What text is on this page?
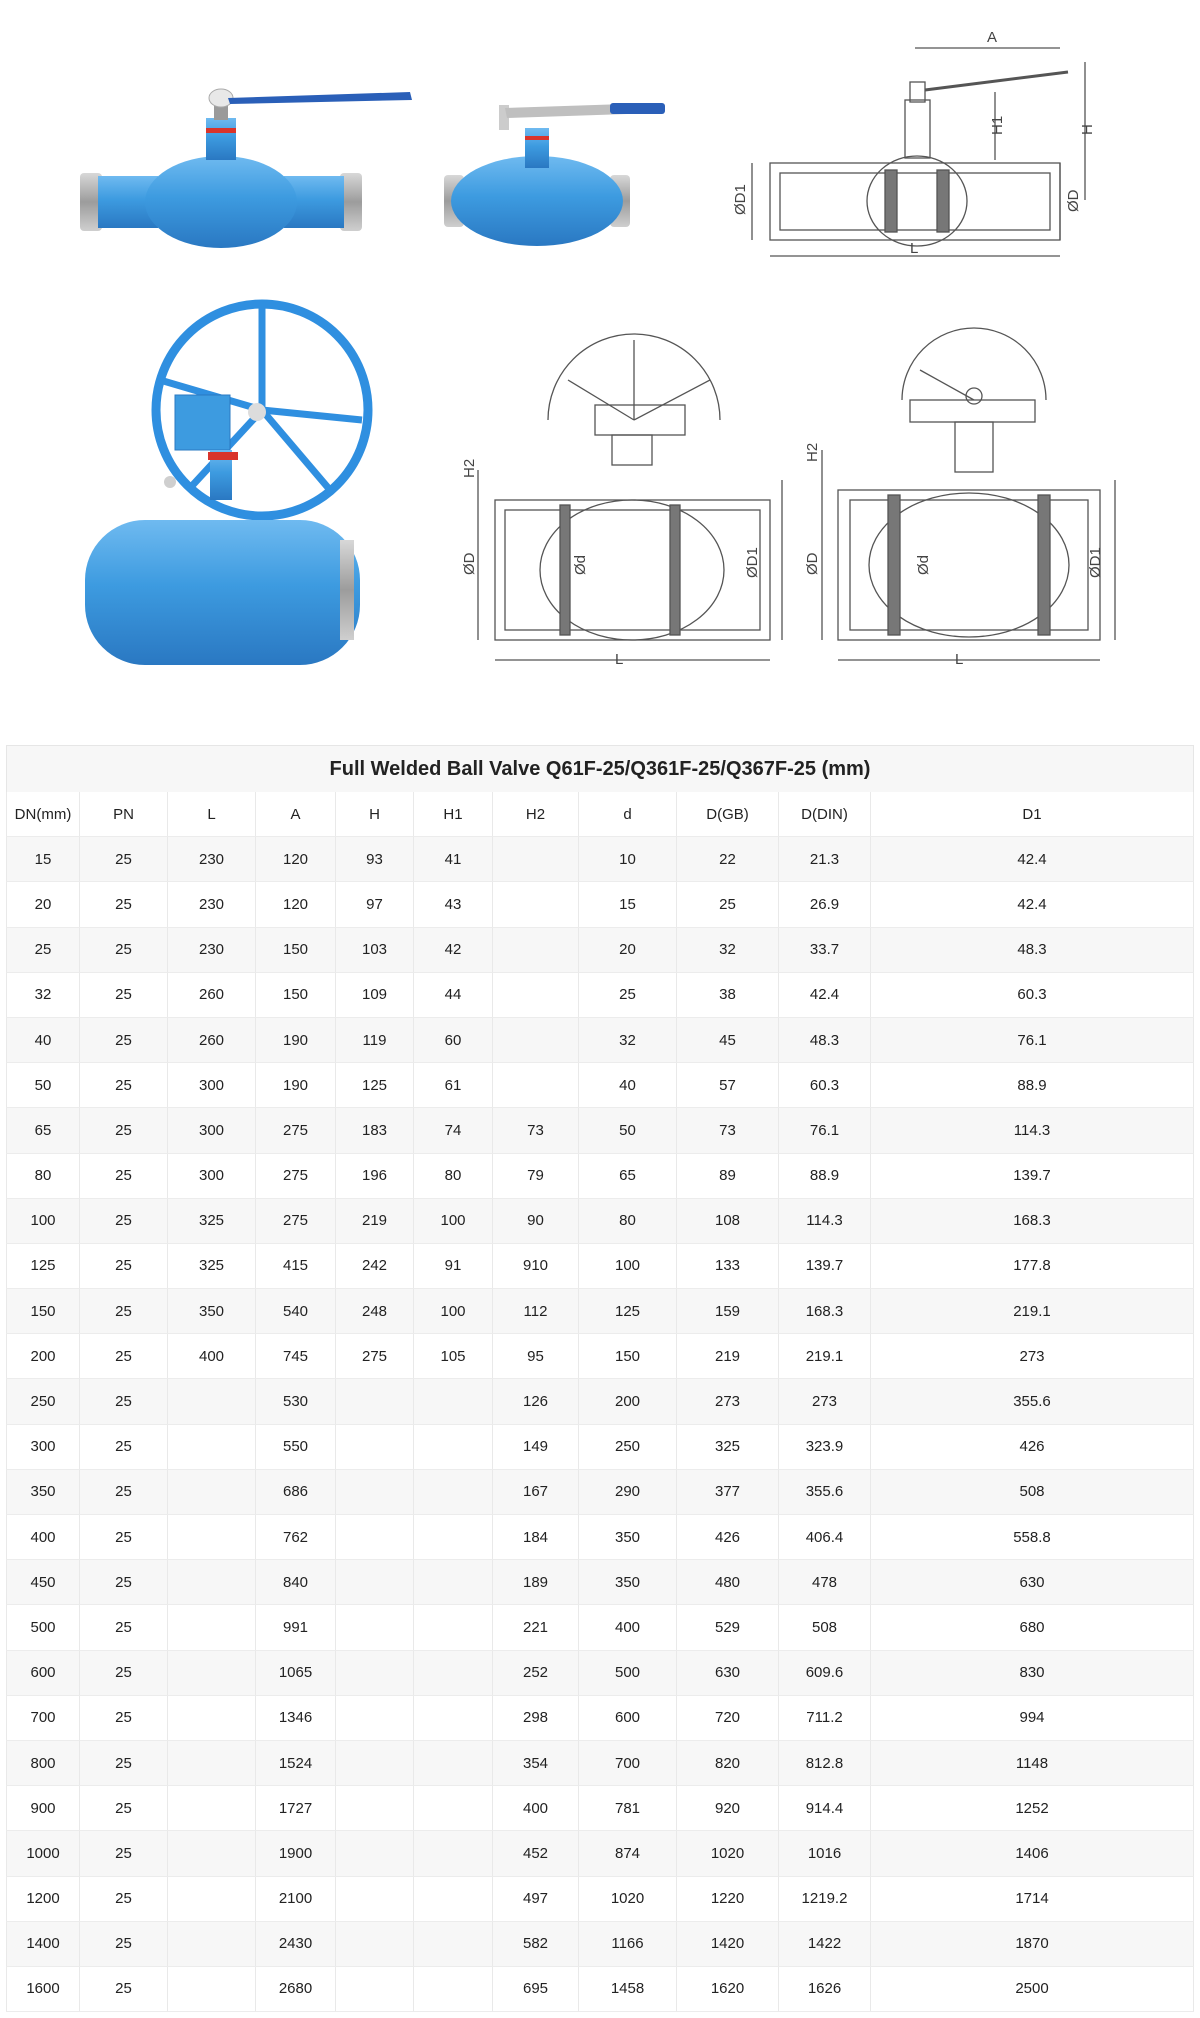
A
H1	H
ØD1	ØD
L
H2
ØD	Ød	ØD1
L
H2
ØD	Ød	ØD1
L
Full Welded Ball Valve Q61F-25/Q361F-25/Q367F-25 (mm)
DN(mm)	PN	L	A	H	H1	H2	d	D(GB)	D(DIN)	D1
15	25	230	120	93	41		10	22	21.3	42.4
20	25	230	120	97	43		15	25	26.9	42.4
25	25	230	150	103	42		20	32	33.7	48.3
32	25	260	150	109	44		25	38	42.4	60.3
40	25	260	190	119	60		32	45	48.3	76.1
50	25	300	190	125	61		40	57	60.3	88.9
65	25	300	275	183	74	73	50	73	76.1	114.3
80	25	300	275	196	80	79	65	89	88.9	139.7
100	25	325	275	219	100	90	80	108	114.3	168.3
125	25	325	415	242	91	910	100	133	139.7	177.8
150	25	350	540	248	100	112	125	159	168.3	219.1
200	25	400	745	275	105	95	150	219	219.1	273
250	25		530			126	200	273	273	355.6
300	25		550			149	250	325	323.9	426
350	25		686			167	290	377	355.6	508
400	25		762			184	350	426	406.4	558.8
450	25		840			189	350	480	478	630
500	25		991			221	400	529	508	680
600	25		1065			252	500	630	609.6	830
700	25		1346			298	600	720	711.2	994
800	25		1524			354	700	820	812.8	1148
900	25		1727			400	781	920	914.4	1252
1000	25		1900			452	874	1020	1016	1406
1200	25		2100			497	1020	1220	1219.2	1714
1400	25		2430			582	1166	1420	1422	1870
1600	25		2680			695	1458	1620	1626	2500
